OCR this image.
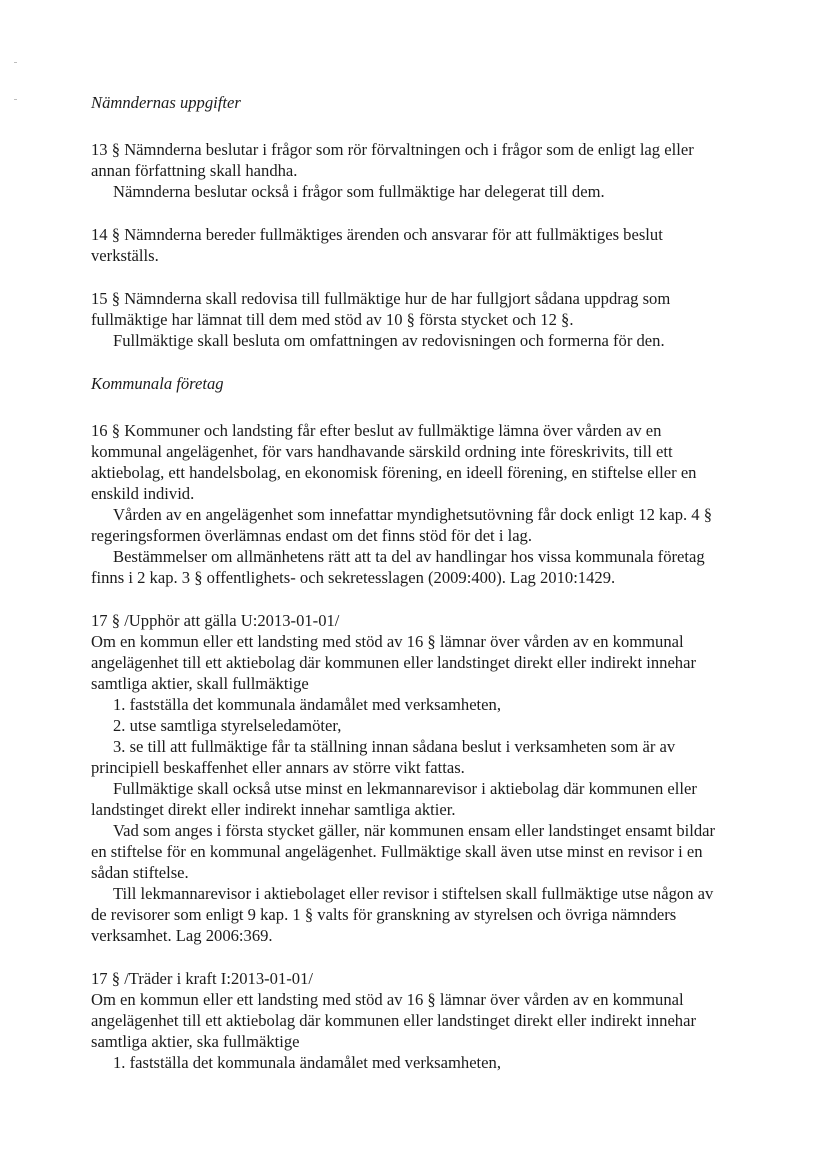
Nämndernas uppgifter

13 § Nämnderna beslutar i frågor som rör förvaltningen och i frågor som de enligt lag eller annan författning skall handha.

Nämnderna beslutar också i frågor som fullmäktige har delegerat till dem.

14 § Nämnderna bereder fullmäktiges ärenden och ansvarar för att fullmäktiges beslut verkställs.

15 § Nämnderna skall redovisa till fullmäktige hur de har fullgjort sådana uppdrag som fullmäktige har lämnat till dem med stöd av 10 § första stycket och 12 §.

Fullmäktige skall besluta om omfattningen av redovisningen och formerna för den.

Kommunala företag

16 § Kommuner och landsting får efter beslut av fullmäktige lämna över vården av en kommunal angelägenhet, för vars handhavande särskild ordning inte föreskrivits, till ett aktiebolag, ett handelsbolag, en ekonomisk förening, en ideell förening, en stiftelse eller en enskild individ.

Vården av en angelägenhet som innefattar myndighetsutövning får dock enligt 12 kap. 4 § regeringsformen överlämnas endast om det finns stöd för det i lag.

Bestämmelser om allmänhetens rätt att ta del av handlingar hos vissa kommunala företag finns i 2 kap. 3 § offentlighets- och sekretesslagen (2009:400). Lag 2010:1429.

17 § /Upphör att gälla U:2013-01-01/

Om en kommun eller ett landsting med stöd av 16 § lämnar över vården av en kommunal angelägenhet till ett aktiebolag där kommunen eller landstinget direkt eller indirekt innehar samtliga aktier, skall fullmäktige

1. fastställa det kommunala ändamålet med verksamheten,

2. utse samtliga styrelseledamöter,

3. se till att fullmäktige får ta ställning innan sådana beslut i verksamheten som är av principiell beskaffenhet eller annars av större vikt fattas.

Fullmäktige skall också utse minst en lekmannarevisor i aktiebolag där kommunen eller landstinget direkt eller indirekt innehar samtliga aktier.

Vad som anges i första stycket gäller, när kommunen ensam eller landstinget ensamt bildar en stiftelse för en kommunal angelägenhet. Fullmäktige skall även utse minst en revisor i en sådan stiftelse.

Till lekmannarevisor i aktiebolaget eller revisor i stiftelsen skall fullmäktige utse någon av de revisorer som enligt 9 kap. 1 § valts för granskning av styrelsen och övriga nämnders verksamhet. Lag 2006:369.

17 § /Träder i kraft I:2013-01-01/

Om en kommun eller ett landsting med stöd av 16 § lämnar över vården av en kommunal angelägenhet till ett aktiebolag där kommunen eller landstinget direkt eller indirekt innehar samtliga aktier, ska fullmäktige

1. fastställa det kommunala ändamålet med verksamheten,
